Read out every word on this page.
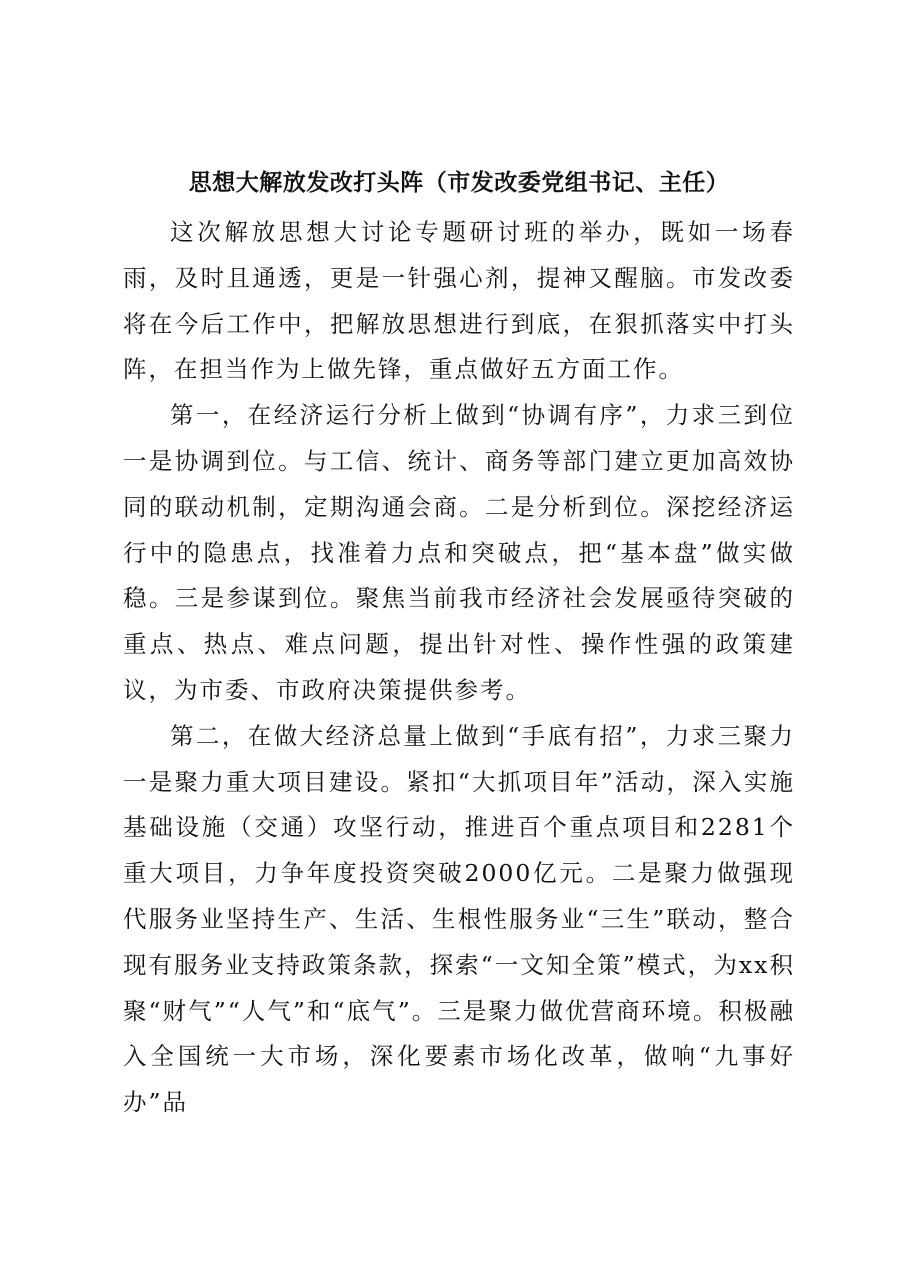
思想大解放发改打头阵（市发改委党组书记、主任）

这次解放思想大讨论专题研讨班的举办，既如一场春雨，及时且通透，更是一针强心剂，提神又醒脑。市发改委将在今后工作中，把解放思想进行到底，在狠抓落实中打头阵，在担当作为上做先锋，重点做好五方面工作。

第一，在经济运行分析上做到“协调有序”，力求三到位一是协调到位。与工信、统计、商务等部门建立更加高效协同的联动机制，定期沟通会商。二是分析到位。深挖经济运行中的隐患点，找准着力点和突破点，把“基本盘”做实做稳。三是参谋到位。聚焦当前我市经济社会发展亟待突破的重点、热点、难点问题，提出针对性、操作性强的政策建议，为市委、市政府决策提供参考。

第二，在做大经济总量上做到“手底有招”，力求三聚力一是聚力重大项目建设。紧扣“大抓项目年”活动，深入实施基础设施（交通）攻坚行动，推进百个重点项目和2281个重大项目，力争年度投资突破2000亿元。二是聚力做强现代服务业坚持生产、生活、生根性服务业“三生”联动，整合现有服务业支持政策条款，探索“一文知全策”模式，为xx积聚“财气”“人气”和“底气”。三是聚力做优营商环境。积极融入全国统一大市场，深化要素市场化改革，做响“九事好办”品
